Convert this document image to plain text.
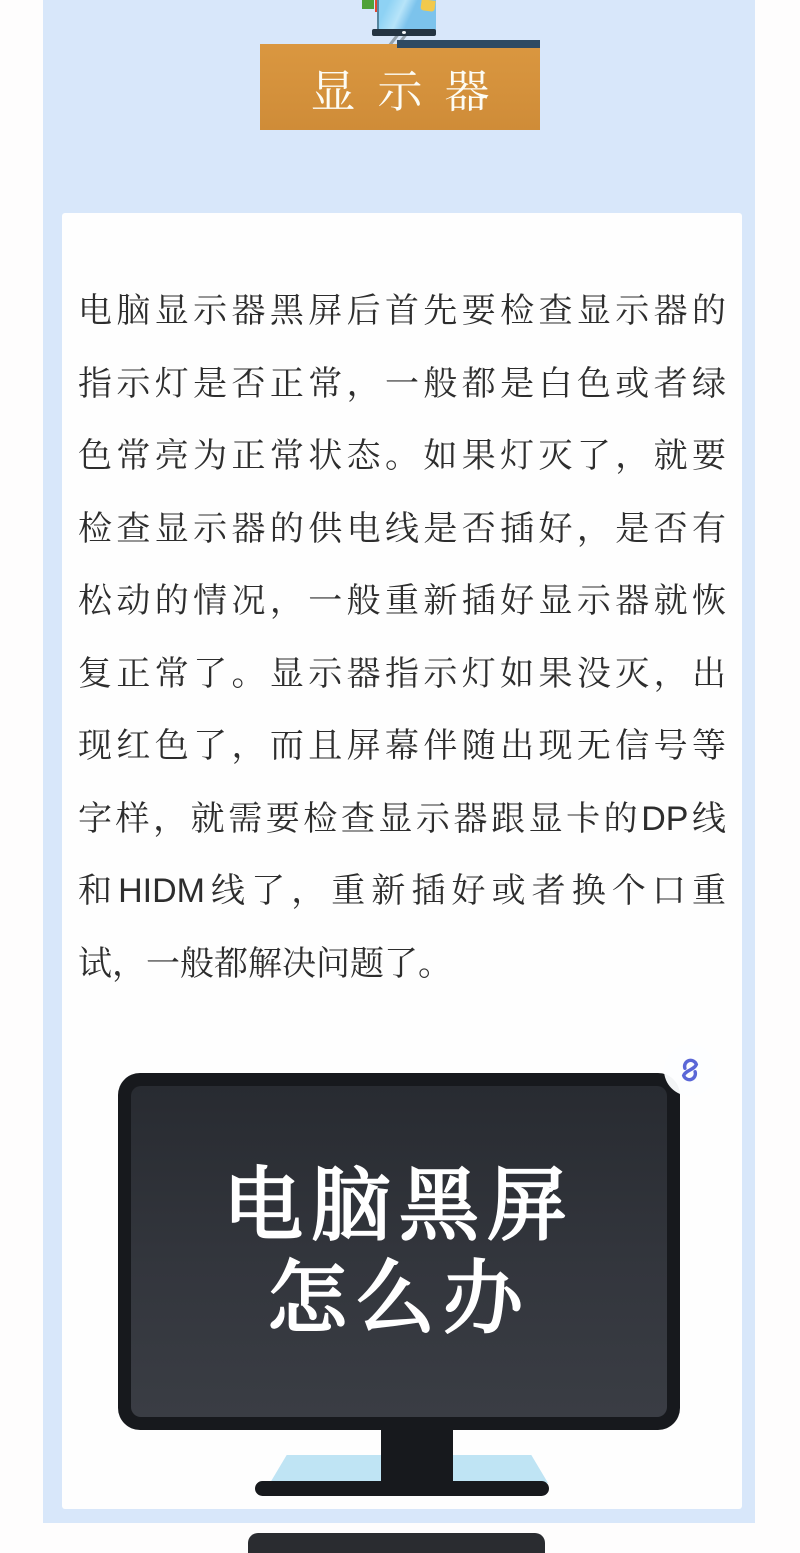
显示器
电脑显示器黑屏后首先要检查显示器的
指示灯是否正常，一般都是白色或者绿
色常亮为正常状态。如果灯灭了，就要
检查显示器的供电线是否插好，是否有
松动的情况，一般重新插好显示器就恢
复正常了。显示器指示灯如果没灭，出
现红色了，而且屏幕伴随出现无信号等
字样，就需要检查显示器跟显卡的DP线
和HIDM线了，重新插好或者换个口重
试，一般都解决问题了。
电脑黑屏
怎么办
